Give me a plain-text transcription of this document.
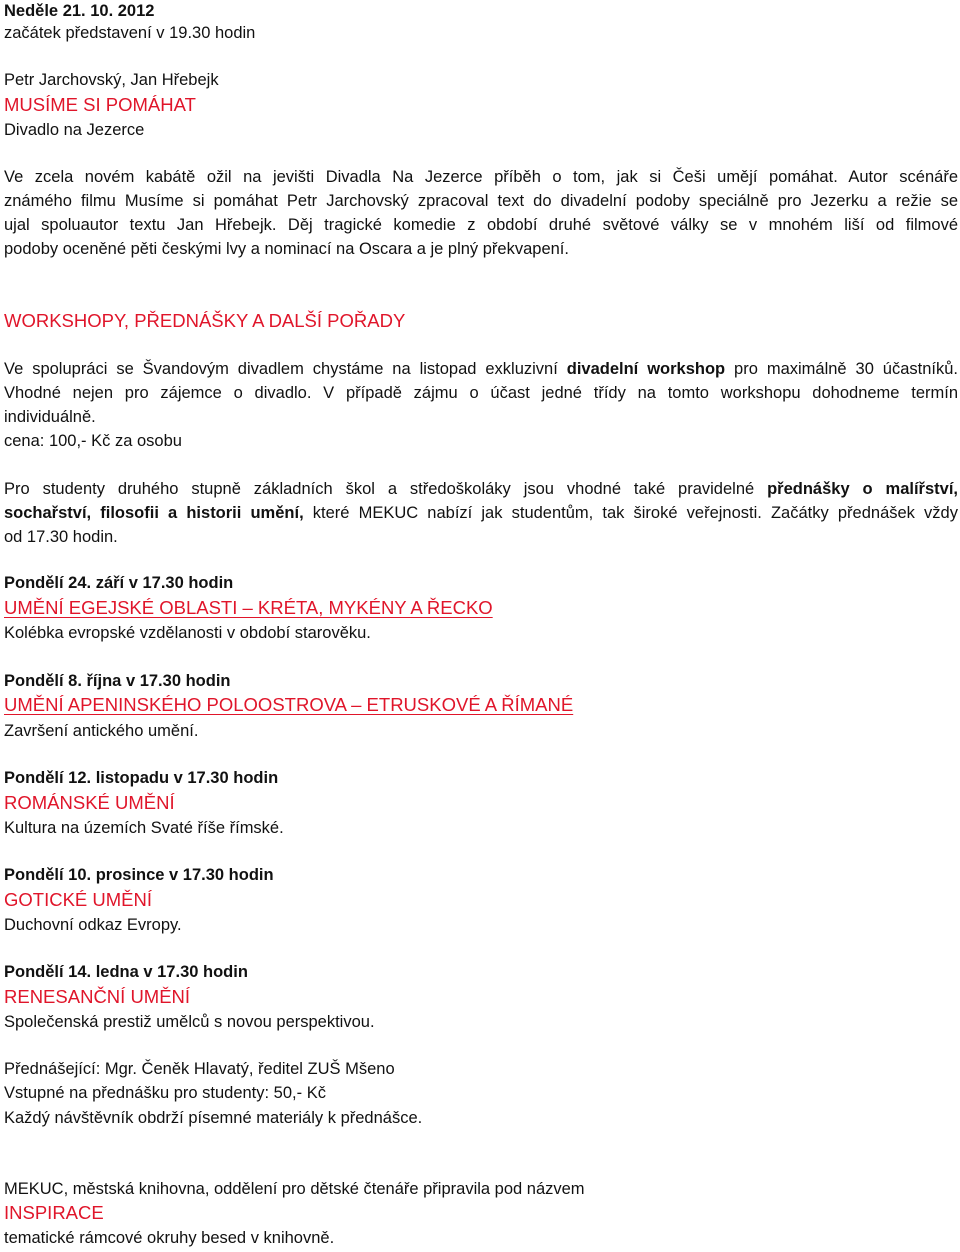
Neděle 21. 10. 2012
začátek představení v 19.30 hodin
Petr Jarchovský, Jan Hřebejk
MUSÍME SI POMÁHAT
Divadlo na Jezerce
Ve zcela novém kabátě ožil na jevišti Divadla Na Jezerce příběh o tom, jak si Češi umějí pomáhat. Autor scénáře
známého filmu Musíme si pomáhat Petr Jarchovský zpracoval text do divadelní podoby speciálně pro Jezerku a režie se
ujal spoluautor textu Jan Hřebejk. Děj tragické komedie z období druhé světové války se v mnohém liší od filmové
podoby oceněné pěti českými lvy a nominací na Oscara a je plný překvapení.
WORKSHOPY, PŘEDNÁŠKY A DALŠÍ POŘADY
Ve spolupráci se Švandovým divadlem chystáme na listopad exkluzivní divadelní workshop pro maximálně 30 účastníků.
Vhodné nejen pro zájemce o divadlo. V případě zájmu o účast jedné třídy na tomto workshopu dohodneme termín
individuálně.
cena: 100,- Kč za osobu
Pro studenty druhého stupně základních škol a středoškoláky jsou vhodné také pravidelné přednášky o malířství,
sochařství, filosofii a historii umění, které MEKUC nabízí jak studentům, tak široké veřejnosti. Začátky přednášek vždy
od 17.30 hodin.
Pondělí 24. září v 17.30 hodin
UMĚNÍ EGEJSKÉ OBLASTI – KRÉTA, MYKÉNY A ŘECKO
Kolébka evropské vzdělanosti v období starověku.
Pondělí 8. října v 17.30 hodin
UMĚNÍ APENINSKÉHO POLOOSTROVA – ETRUSKOVÉ A ŘÍMANÉ
Završení antického umění.
Pondělí 12. listopadu v 17.30 hodin
ROMÁNSKÉ UMĚNÍ
Kultura na územích Svaté říše římské.
Pondělí 10. prosince v 17.30 hodin
GOTICKÉ UMĚNÍ
Duchovní odkaz Evropy.
Pondělí 14. ledna v 17.30 hodin
RENESANČNÍ UMĚNÍ
Společenská prestiž umělců s novou perspektivou.
Přednášející: Mgr. Čeněk Hlavatý, ředitel ZUŠ Mšeno
Vstupné na přednášku pro studenty: 50,- Kč
Každý návštěvník obdrží písemné materiály k přednášce.
MEKUC, městská knihovna, oddělení pro dětské čtenáře připravila pod názvem
INSPIRACE
tematické rámcové okruhy besed v knihovně.
